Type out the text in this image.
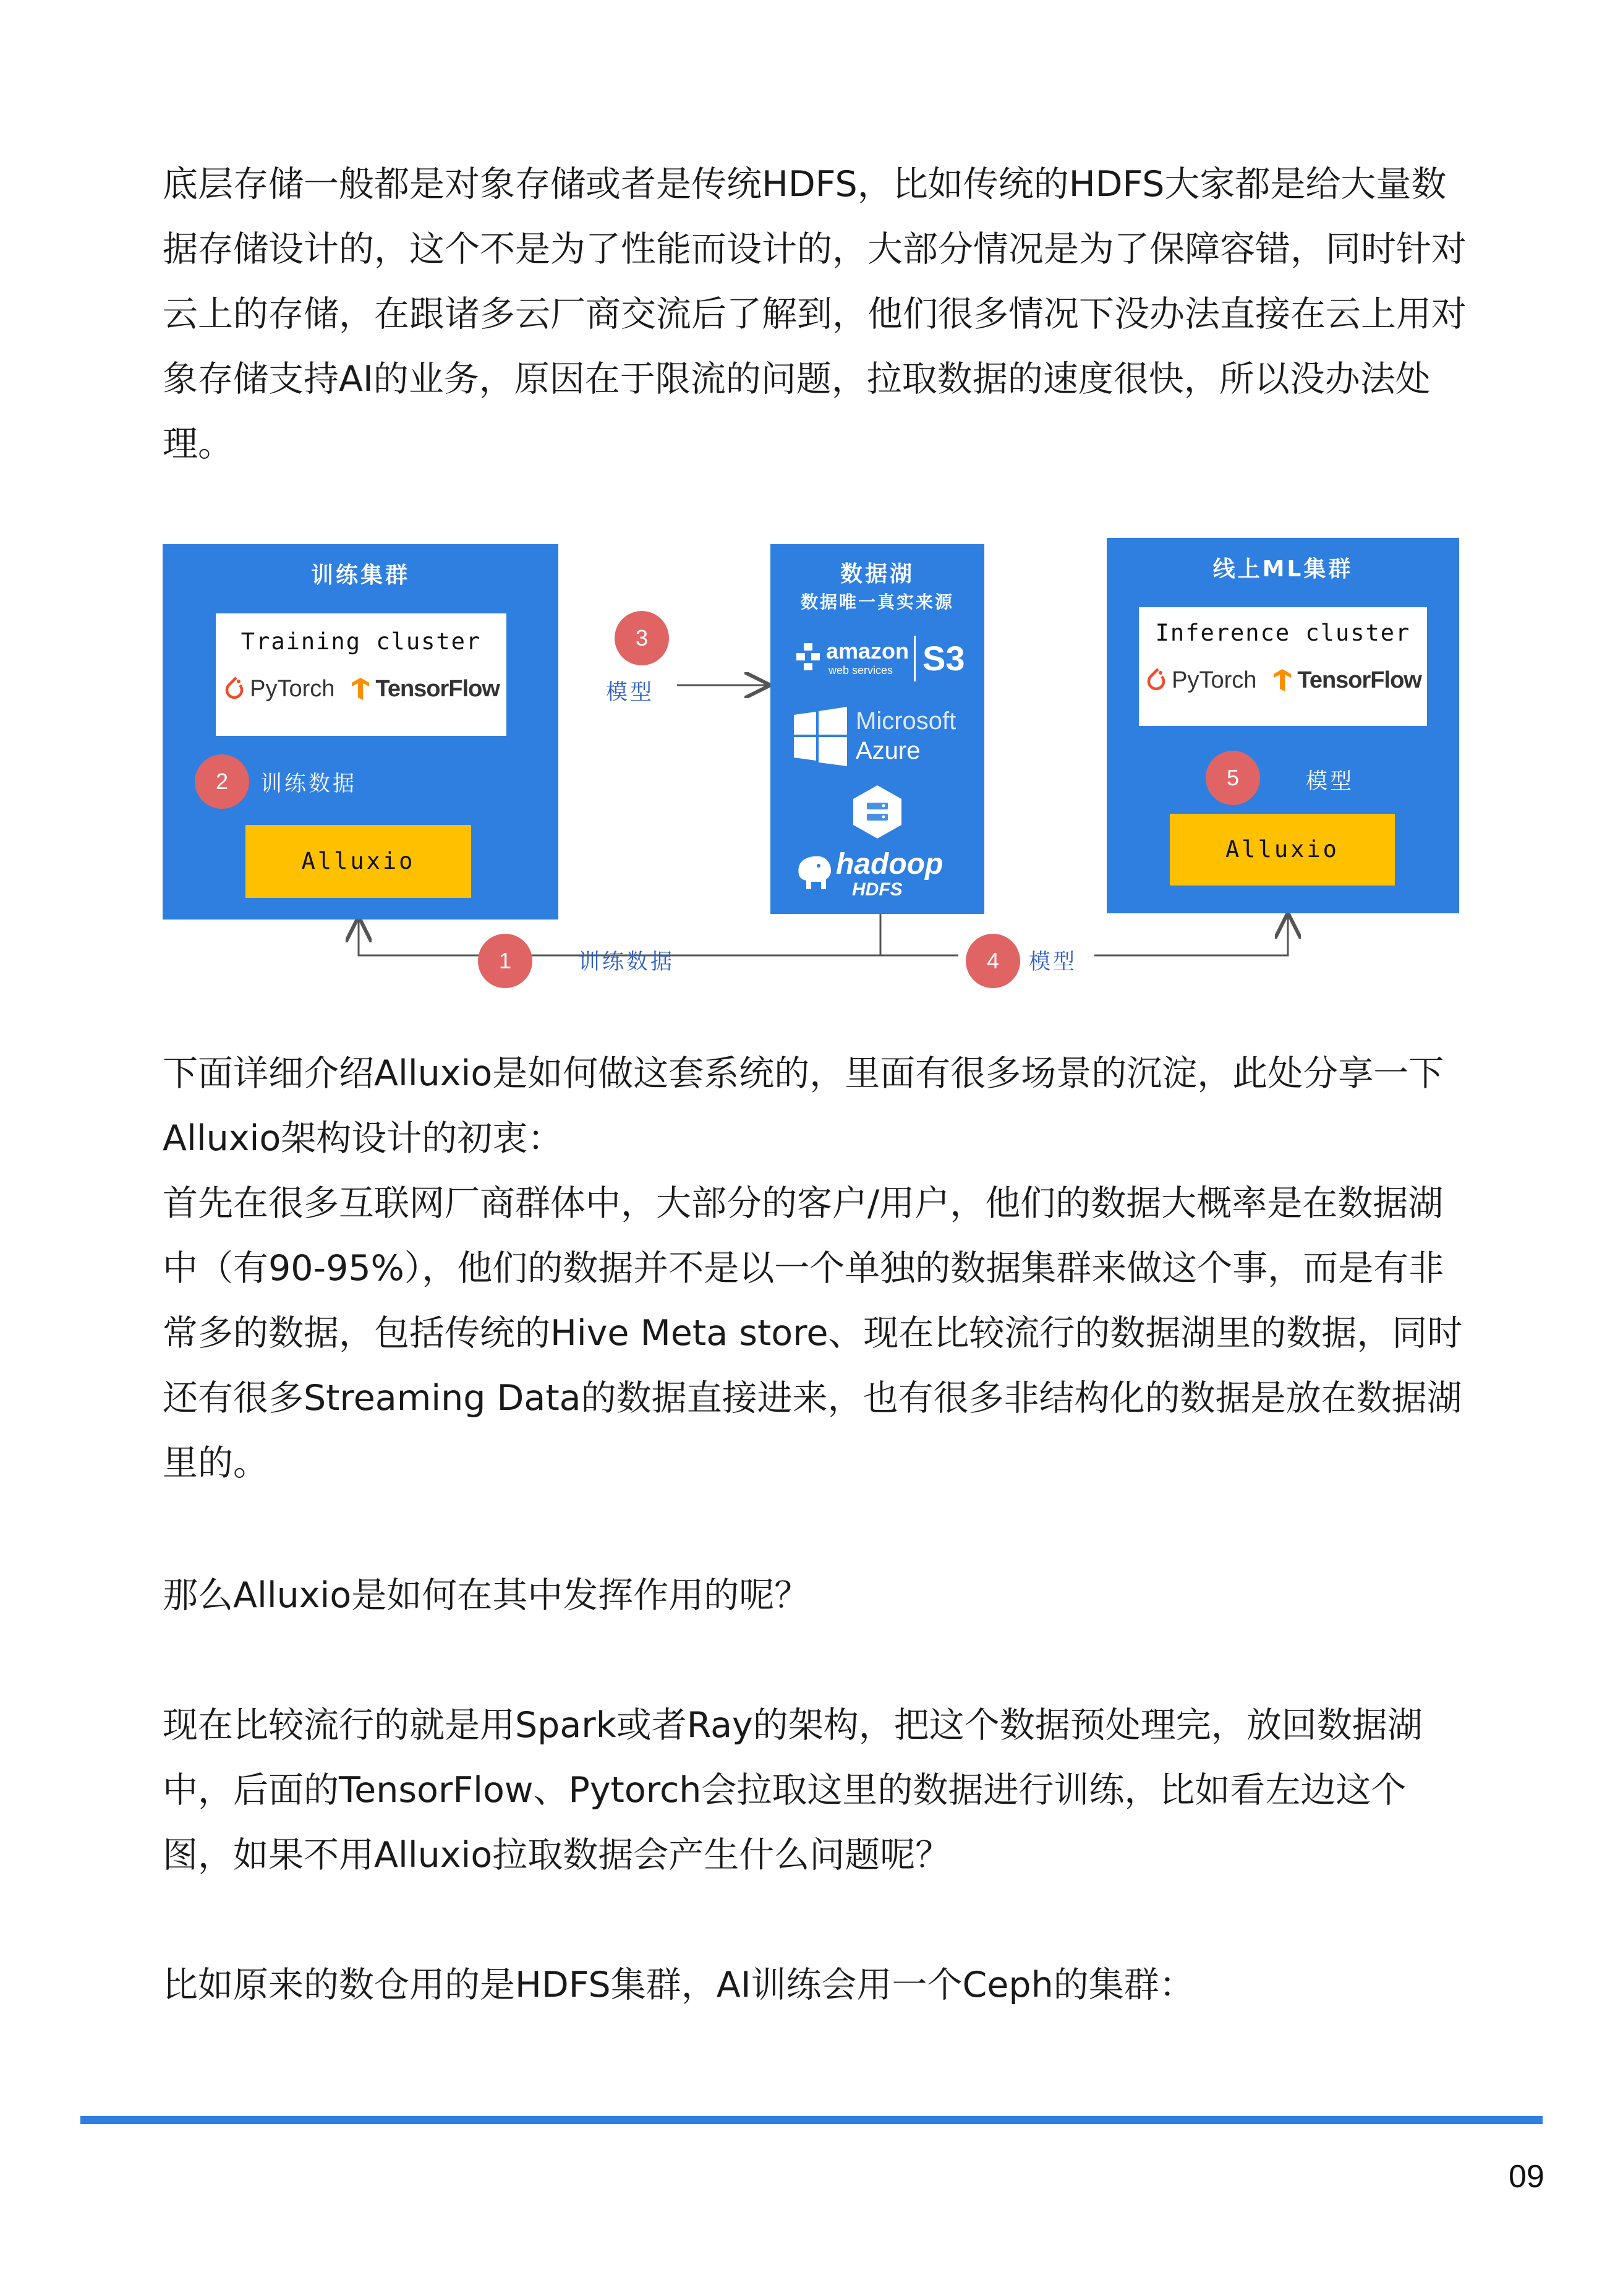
底层存储一般都是对象存储或者是传统HDFS，比如传统的HDFS大家都是给大量数据存储设计的，这个不是为了性能而设计的，大部分情况是为了保障容错，同时针对云上的存储，在跟诸多云厂商交流后了解到，他们很多情况下没办法直接在云上用对象存储支持AI的业务，原因在于限流的问题，拉取数据的速度很快，所以没办法处理。

训练集群
Training cluster
PyTorch TensorFlow
2	训练数据
Alluxio
数据湖
数据唯一真实来源
amazon
web services S3
Microsoft
Azure
hadoop
HDFS
线上ML集群
Inference cluster
PyTorch TensorFlow
5	模型
Alluxio
3
模型
1	训练数据	4	模型

下面详细介绍Alluxio是如何做这套系统的，里面有很多场景的沉淀，此处分享一下Alluxio架构设计的初衷：

首先在很多互联网厂商群体中，大部分的客户/用户，他们的数据大概率是在数据湖中（有90-95%），他们的数据并不是以一个单独的数据集群来做这个事，而是有非常多的数据，包括传统的Hive Meta store、现在比较流行的数据湖里的数据，同时还有很多Streaming Data的数据直接进来，也有很多非结构化的数据是放在数据湖里的。

那么Alluxio是如何在其中发挥作用的呢？

现在比较流行的就是用Spark或者Ray的架构，把这个数据预处理完，放回数据湖中，后面的TensorFlow、Pytorch会拉取这里的数据进行训练，比如看左边这个图，如果不用Alluxio拉取数据会产生什么问题呢？

比如原来的数仓用的是HDFS集群，AI训练会用一个Ceph的集群：

09
